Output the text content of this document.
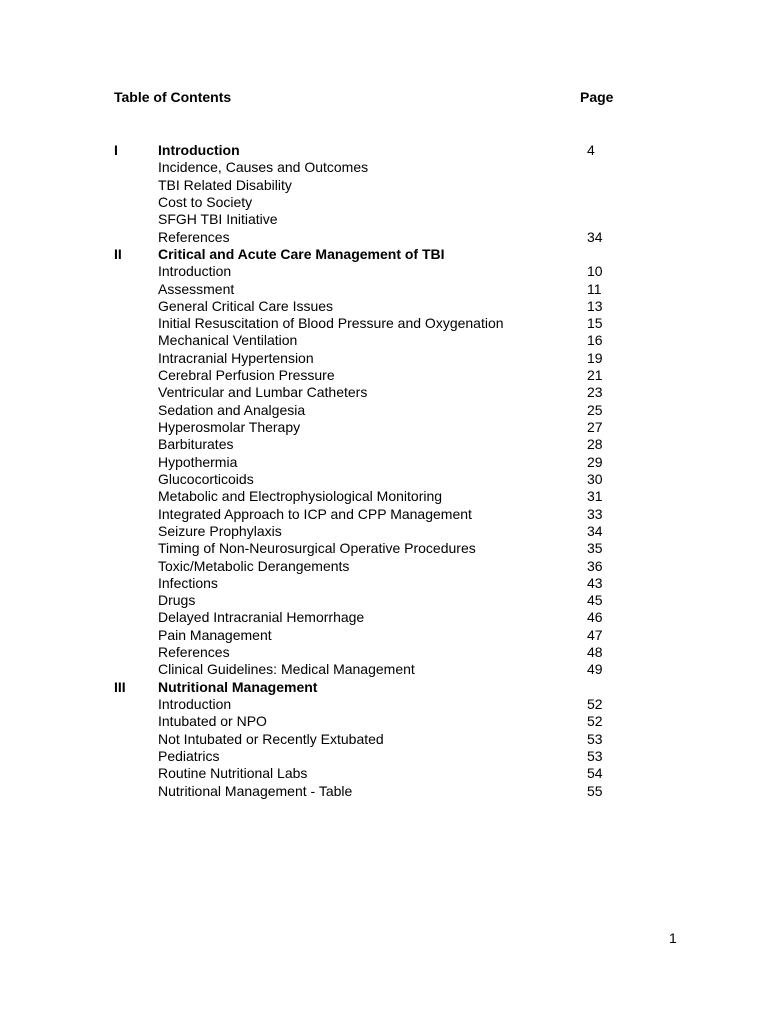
Table of Contents	Page
I	Introduction	4
Incidence, Causes and Outcomes
TBI Related Disability
Cost to Society
SFGH TBI Initiative
References	34
II	Critical and Acute Care Management of TBI
Introduction	10
Assessment	11
General Critical Care Issues	13
Initial Resuscitation of Blood Pressure and Oxygenation	15
Mechanical Ventilation	16
Intracranial Hypertension	19
Cerebral Perfusion Pressure	21
Ventricular and Lumbar Catheters	23
Sedation and Analgesia	25
Hyperosmolar Therapy	27
Barbiturates	28
Hypothermia	29
Glucocorticoids	30
Metabolic and Electrophysiological Monitoring	31
Integrated Approach to ICP and CPP Management	33
Seizure Prophylaxis	34
Timing of Non-Neurosurgical Operative Procedures	35
Toxic/Metabolic Derangements	36
Infections	43
Drugs	45
Delayed Intracranial Hemorrhage	46
Pain Management	47
References	48
Clinical Guidelines: Medical Management	49
III Nutritional Management
Introduction	52
Intubated or NPO	52
Not Intubated or Recently Extubated	53
Pediatrics	53
Routine Nutritional Labs	54
Nutritional Management - Table	55
1
